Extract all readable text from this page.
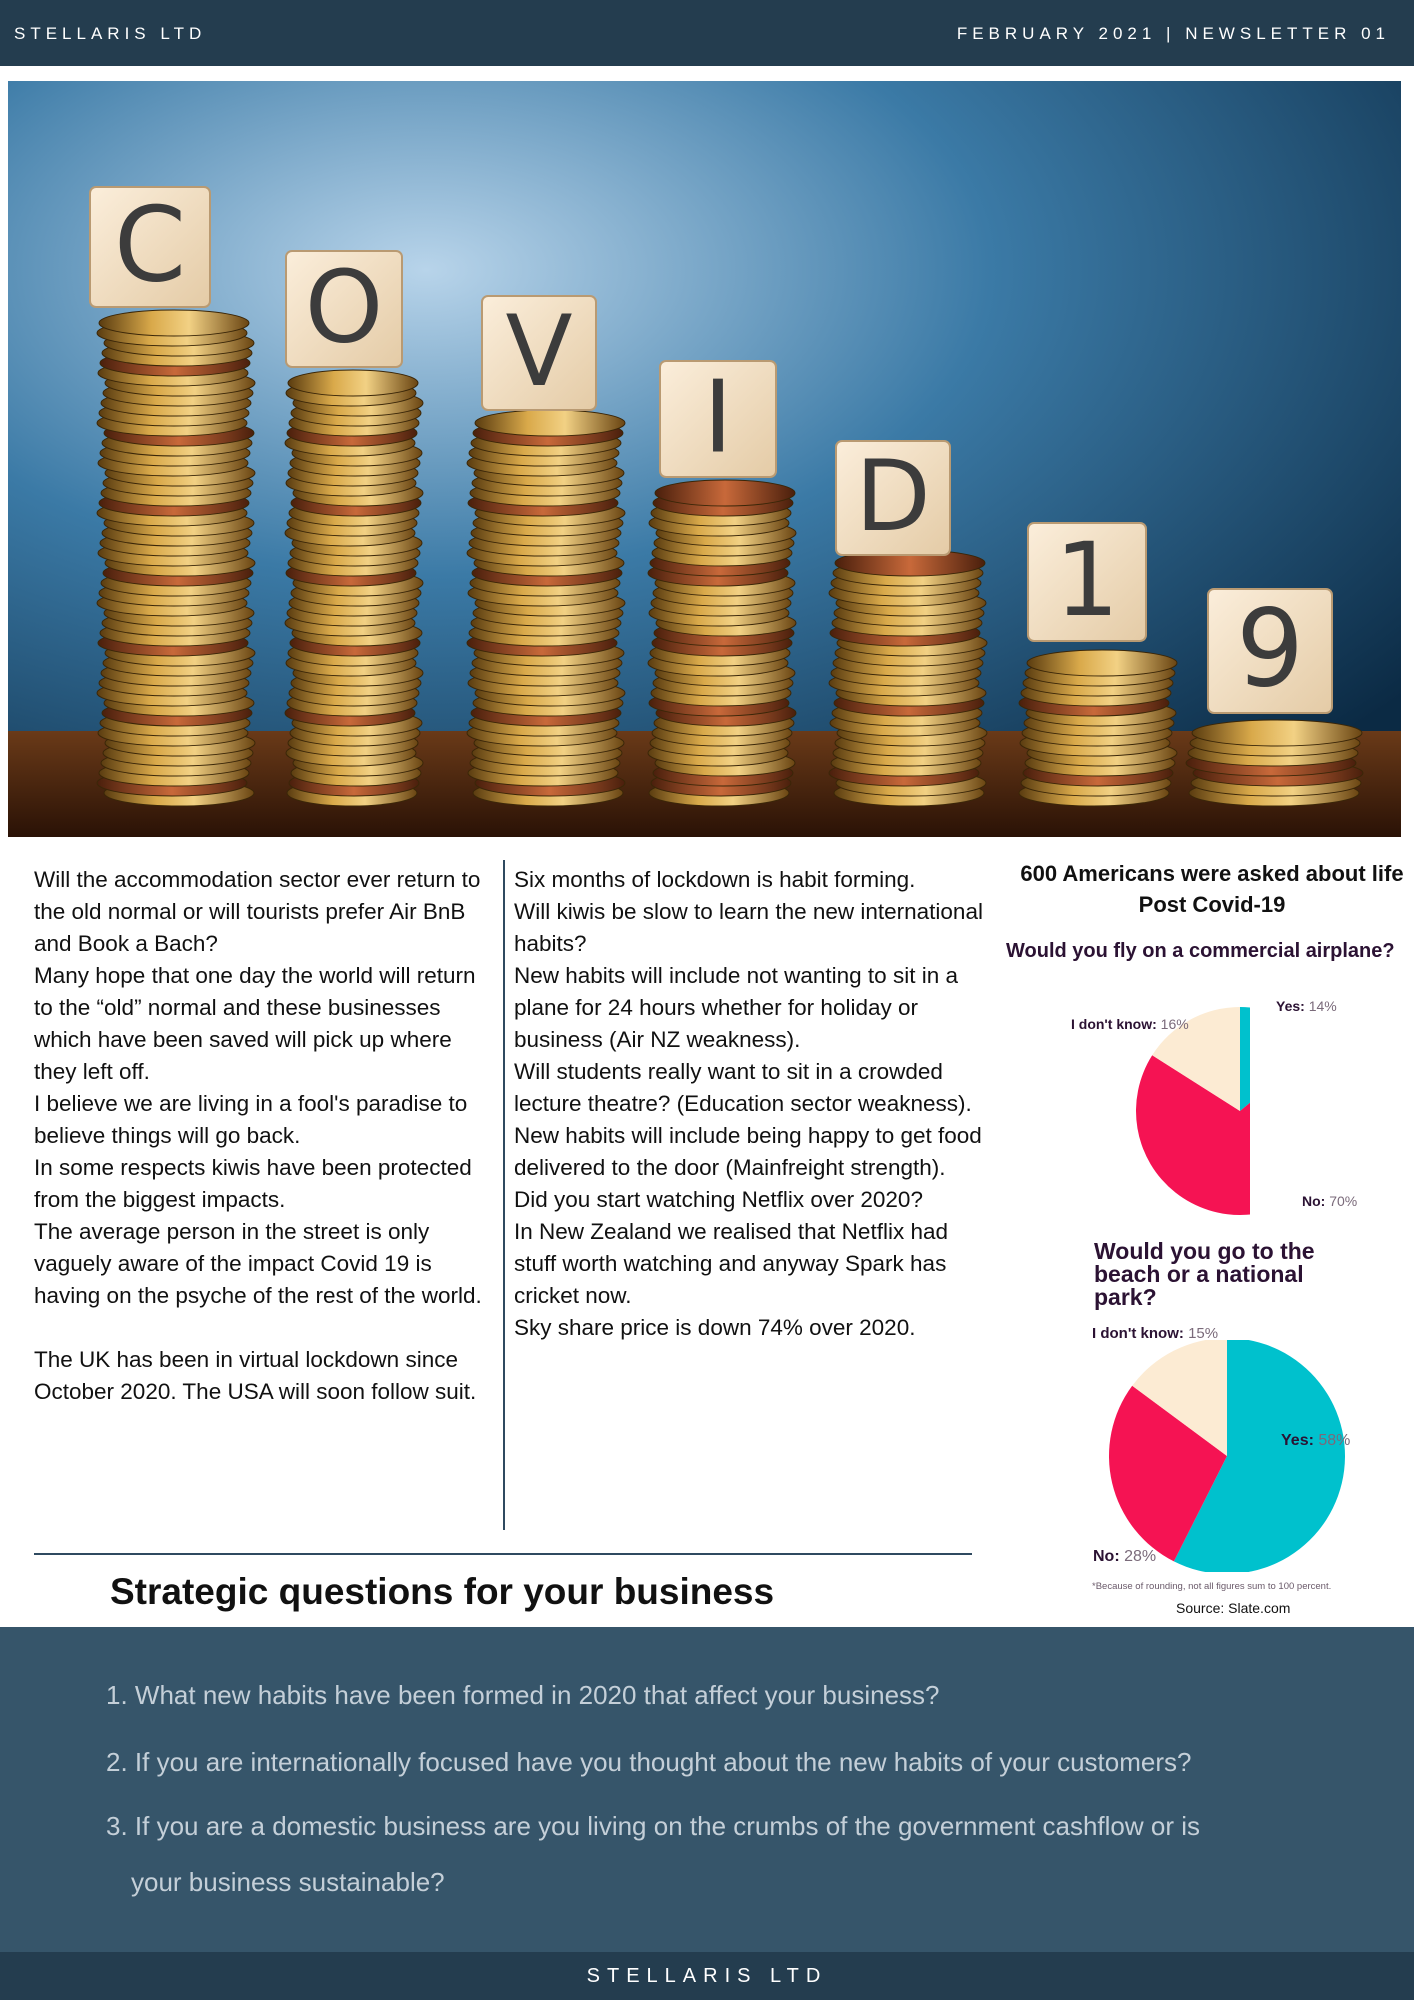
STELLARIS LTD	FEBRUARY 2021 | NEWSLETTER 01
C
O V
I
D
1
9

Will the accommodation sector ever return to the old normal or will tourists prefer Air BnB and Book a Bach?

Many hope that one day the world will return to the “old” normal and these businesses which have been saved will pick up where they left off.

I believe we are living in a fool's paradise to believe things will go back.

In some respects kiwis have been protected from the biggest impacts.

The average person in the street is only vaguely aware of the impact Covid 19 is having on the psyche of the rest of the world.

The UK has been in virtual lockdown since October 2020. The USA will soon follow suit.

Six months of lockdown is habit forming.

Will kiwis be slow to learn the new international habits?

New habits will include not wanting to sit in a plane for 24 hours whether for holiday or business (Air NZ weakness).

Will students really want to sit in a crowded lecture theatre? (Education sector weakness).

New habits will include being happy to get food delivered to the door (Mainfreight strength).

Did you start watching Netflix over 2020?

In New Zealand we realised that Netflix had stuff worth watching and anyway Spark has cricket now.

Sky share price is down 74% over 2020.

600 Americans were asked about life Post Covid-19
Would you fly on a commercial airplane?
I don't know: 16%
Yes: 14%
No: 70%
Would you go to the beach or a national park?
I don't know: 15%
Yes: 58%
No: 28%
*Because of rounding, not all figures sum to 100 percent.
Source: Slate.com
Strategic questions for your business
1. What new habits have been formed in 2020 that affect your business?
2. If you are internationally focused have you thought about the new habits of your customers?
3. If you are a domestic business are you living on the crumbs of the government cashflow or is
your business sustainable?
STELLARIS LTD
